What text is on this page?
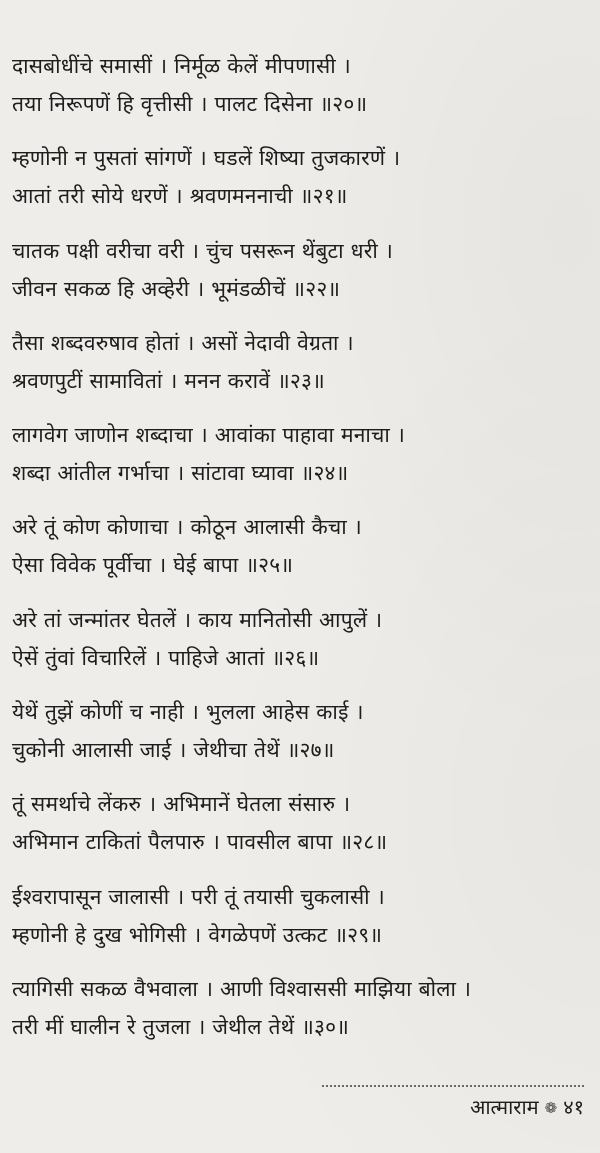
दासबोधींचे समासीं । निर्मूळ केलें मीपणासी ।
तया निरूपणें हि वृत्तीसी । पालट दिसेना ॥२०॥
म्हणोनी न पुसतां सांगणें । घडलें शिष्या तुजकारणें ।
आतां तरी सोये धरणें । श्रवणमननाची ॥२१॥
चातक पक्षी वरीचा वरी । चुंच पसरून थेंबुटा धरी ।
जीवन सकळ हि अव्हेरी । भूमंडळीचें ॥२२॥
तैसा शब्दवरुषाव होतां । असों नेदावी वेग्रता ।
श्रवणपुटीं सामावितां । मनन करावें ॥२३॥
लागवेग जाणोन शब्दाचा । आवांका पाहावा मनाचा ।
शब्दा आंतील गर्भाचा । सांटावा घ्यावा ॥२४॥
अरे तूं कोण कोणाचा । कोठून आलासी कैचा ।
ऐसा विवेक पूर्वीचा । घेई बापा ॥२५॥
अरे तां जन्मांतर घेतलें । काय मानितोसी आपुलें ।
ऐसें तुंवां विचारिलें । पाहिजे आतां ॥२६॥
येथें तुझें कोणीं च नाही । भुलला आहेस काई ।
चुकोनी आलासी जाई । जेथीचा तेथें ॥२७॥
तूं समर्थाचे लेंकरु । अभिमानें घेतला संसारु ।
अभिमान टाकितां पैलपारु । पावसील बापा ॥२८॥
ईश्वरापासून जालासी । परी तूं तयासी चुकलासी ।
म्हणोनी हे दुख भोगिसी । वेगळेपणें उत्कट ॥२९॥
त्यागिसी सकळ वैभवाला । आणी विश्वाससी माझिया बोला ।
तरी मीं घालीन रे तुजला । जेथील तेथें ॥३०॥
आत्माराम ❁ ४१
